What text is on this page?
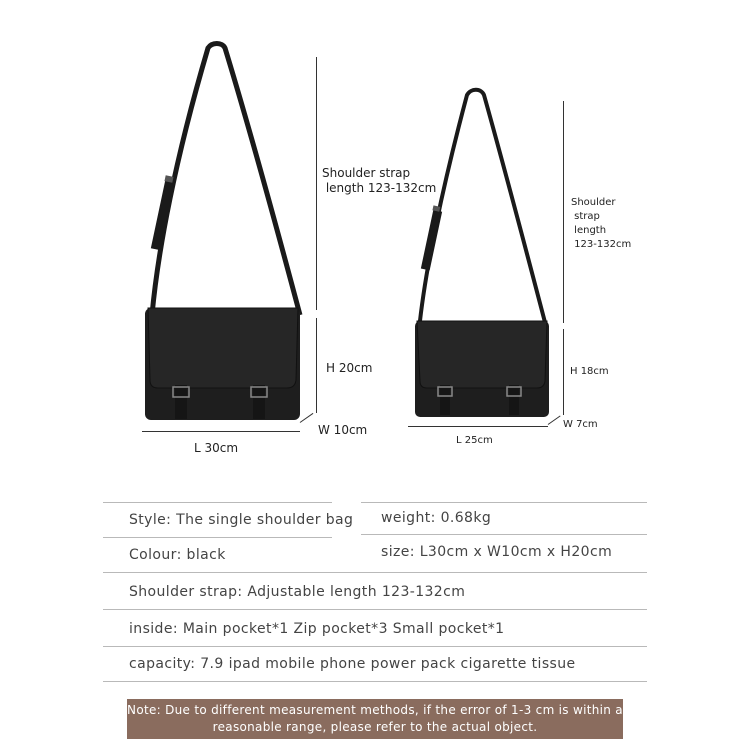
Shoulder strap
length 123-132cm
H 20cm
W 10cm
L 30cm
Shoulder
strap
length
123-132cm
H 18cm
W 7cm
L 25cm
Style: The single shoulder bag weight: 0.68kg
Colour: black	size: L30cm x W10cm x H20cm
Shoulder strap: Adjustable length 123-132cm
inside: Main pocket*1 Zip pocket*3 Small pocket*1
capacity: 7.9 ipad mobile phone power pack cigarette tissue
Note: Due to different measurement methods, if the error of 1-3 cm is within a reasonable range, please refer to the actual object.
